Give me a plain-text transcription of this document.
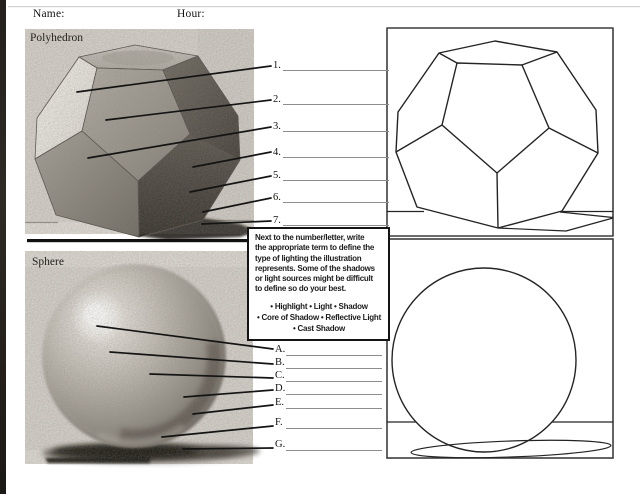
Name:	Hour:
Polyhedron
Sphere
1.
2.
3.
4.
5.
6.
7.
A.
B.
C.
D.
E.
F.
G.
Next to the number/letter, write
the appropriate term to define the
type of lighting the illustration
represents. Some of the shadows
or light sources might be difficult
to define so do your best.
• Highlight • Light • Shadow
• Core of Shadow • Reflective Light
• Cast Shadow
